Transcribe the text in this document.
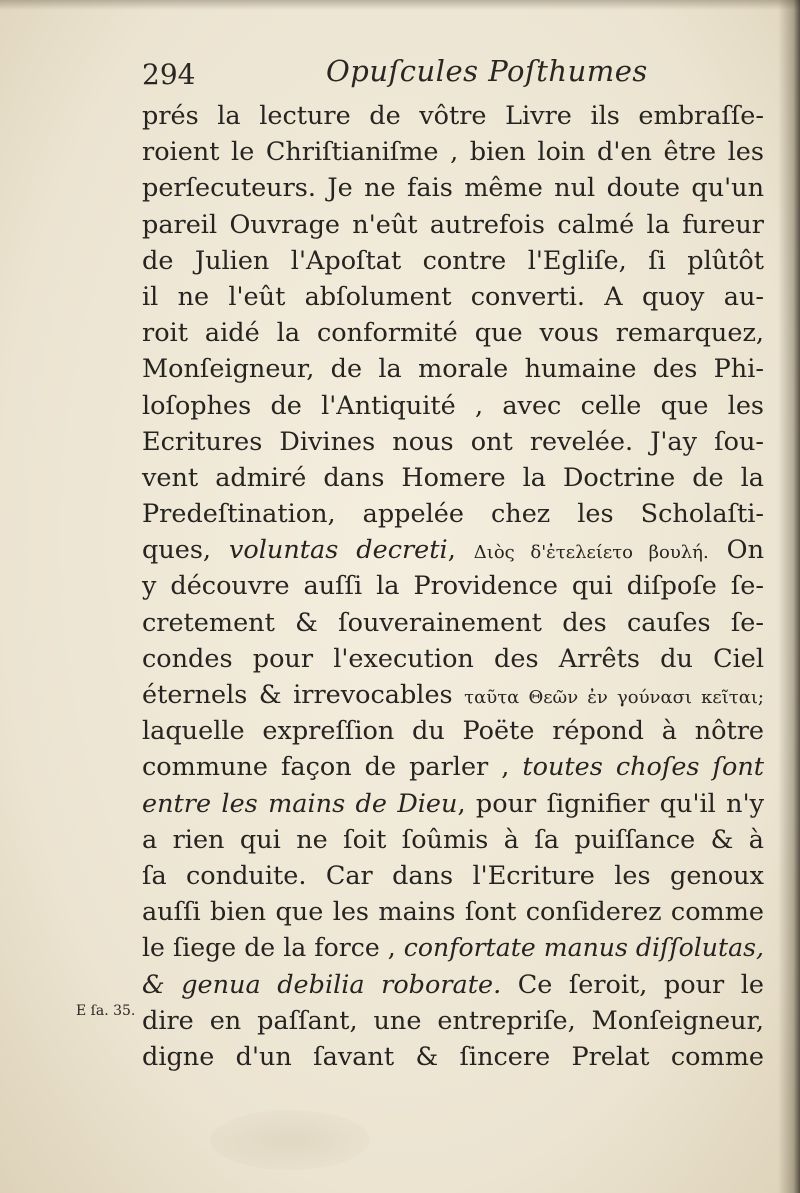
294	Opuſcules Poſthumes
E ſa. 35.
prés la lecture de vôtre Livre ils embraſſe-
roient le Chriſtianiſme , bien loin d'en être les
perſecuteurs. Je ne fais même nul doute qu'un
pareil Ouvrage n'eût autrefois calmé la fureur
de Julien l'Apoſtat contre l'Egliſe, ſi plûtôt
il ne l'eût abſolument converti. A quoy au-
roit aidé la conformité que vous remarquez,
Monſeigneur, de la morale humaine des Phi-
loſophes de l'Antiquité , avec celle que les
Ecritures Divines nous ont revelée. J'ay ſou-
vent admiré dans Homere la Doctrine de la
Predeſtination, appelée chez les Scholaſti-
ques, voluntas decreti, Διὸς δ'ἐτελείετο βουλή. On
y découvre auſſi la Providence qui diſpoſe ſe-
cretement & ſouverainement des cauſes ſe-
condes pour l'execution des Arrêts du Ciel
éternels & irrevocables ταῦτα Θεῶν ἐν γούνασι κεῖται;
laquelle expreſſion du Poëte répond à nôtre
commune façon de parler , toutes choſes ſont
entre les mains de Dieu, pour ſignifier qu'il n'y
a rien qui ne ſoit ſoûmis à ſa puiſſance & à
ſa conduite. Car dans l'Ecriture les genoux
auſſi bien que les mains ſont conſiderez comme
le ſiege de la force , confortate manus diſſolutas,
& genua debilia roborate. Ce ſeroit, pour le
dire en paſſant, une entrepriſe, Monſeigneur,
digne d'un ſavant & ſincere Prelat comme
